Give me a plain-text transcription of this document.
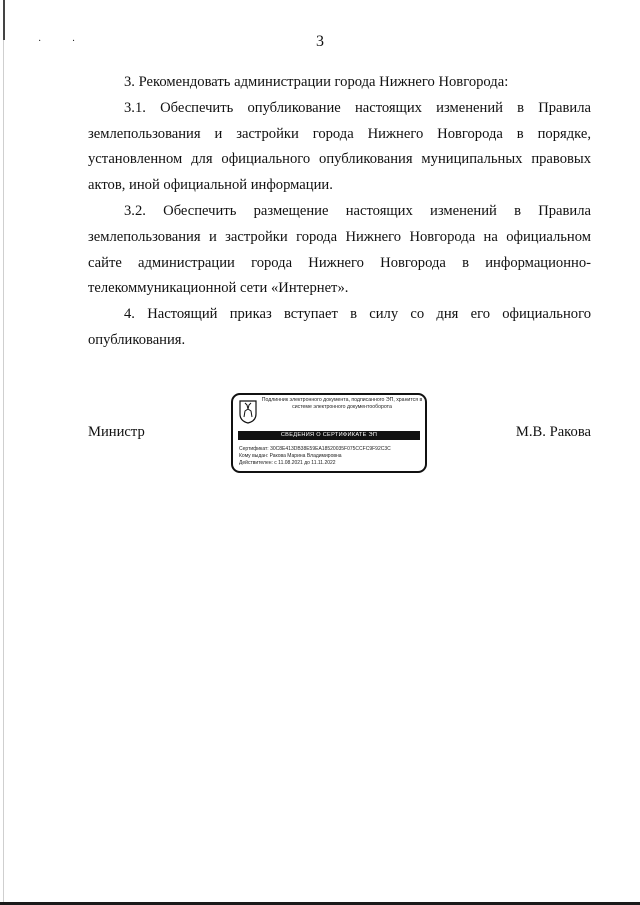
· ·	3

3. Рекомендовать администрации города Нижнего Новгорода:

3.1. Обеспечить опубликование настоящих изменений в Правила землепользования и застройки города Нижнего Новгорода в порядке, установленном для официального опубликования муниципальных правовых актов, иной официальной информации.

3.2. Обеспечить размещение настоящих изменений в Правила землепользования и застройки города Нижнего Новгорода на официальном сайте администрации города Нижнего Новгорода в информационно-телекоммуникационной сети «Интернет».

4. Настоящий приказ вступает в силу со дня его официального опубликования.

Министр	М.В. Ракова
Подлинник электронного документа, подписанного ЭП, хранится в системе электронного документооборота
СВЕДЕНИЯ О СЕРТИФИКАТЕ ЭП
Сертификат: 30C8E413DB38E59EA18520035F075CCFC9F92C3C
Кому выдан: Ракова Марина Владимировна
Действителен: с 11.08.2021 до 11.11.2022
